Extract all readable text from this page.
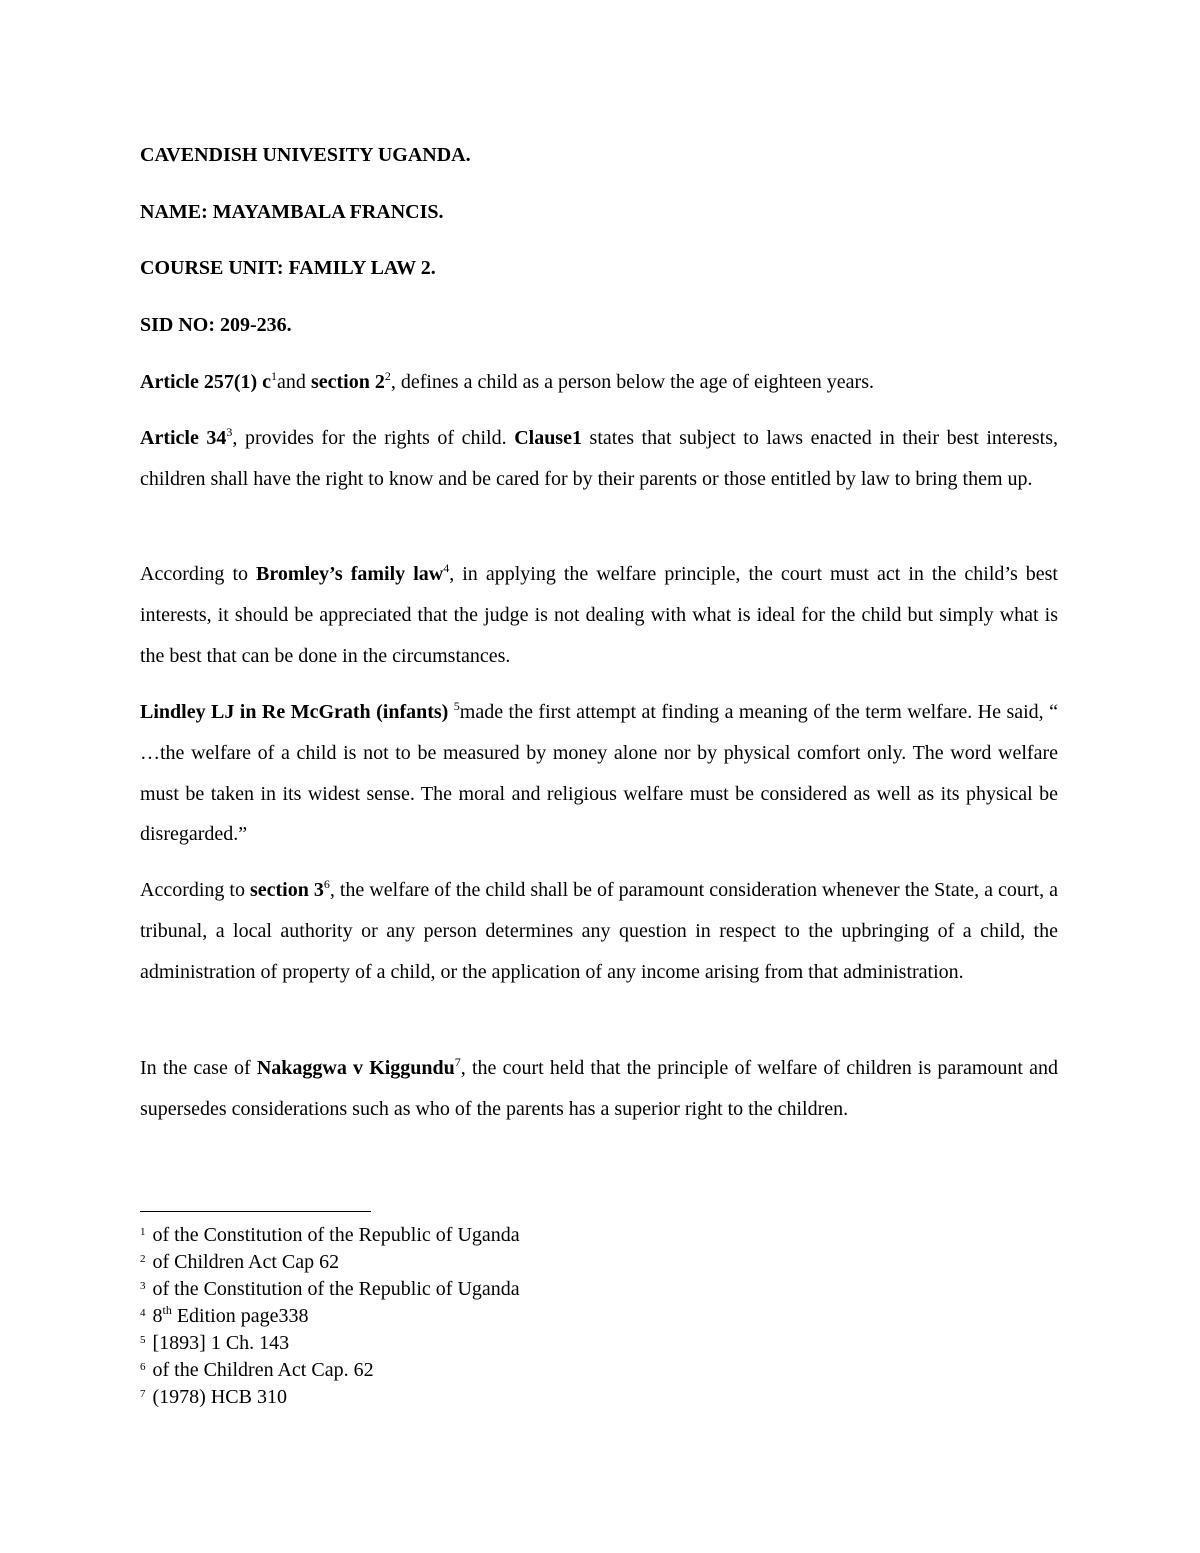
CAVENDISH UNIVESITY UGANDA.

NAME: MAYAMBALA FRANCIS.

COURSE UNIT: FAMILY LAW 2.

SID NO: 209-236.

Article 257(1) $c^1and$ section $2^2$, defines a child as a person below the age of eighteen years.

Article $34^3$, provides for the rights of child. Clause1 states that subject to laws enacted in their best interests, children shall have the right to know and be cared for by their parents or those entitled by law to bring them up.

According to Bromley’s family law$^4$, in applying the welfare principle, the court must act in the child’s best interests, it should be appreciated that the judge is not dealing with what is ideal for the child but simply what is the best that can be done in the circumstances.

Lindley LJ in Re McGrath (infants) $^5$made the first attempt at finding a meaning of the term welfare. He said, “ …the welfare of a child is not to be measured by money alone nor by physical comfort only. The word welfare must be taken in its widest sense. The moral and religious welfare must be considered as well as its physical be disregarded.”

According to section $3^6$, the welfare of the child shall be of paramount consideration whenever the State, a court, a tribunal, a local authority or any person determines any question in respect to the upbringing of a child, the administration of property of a child, or the application of any income arising from that administration.

In the case of Nakaggwa v Kiggundu$^7$, the court held that the principle of welfare of children is paramount and supersedes considerations such as who of the parents has a superior right to the children.

$^1$ of the Constitution of the Republic of Uganda
$^2$ of Children Act Cap 62
$^3$ of the Constitution of the Republic of Uganda
$^4$ 8th Edition page338
$^5$ [1893] 1 Ch. 143
$^6$ of the Children Act Cap. 62
$^7$ (1978) HCB 310
